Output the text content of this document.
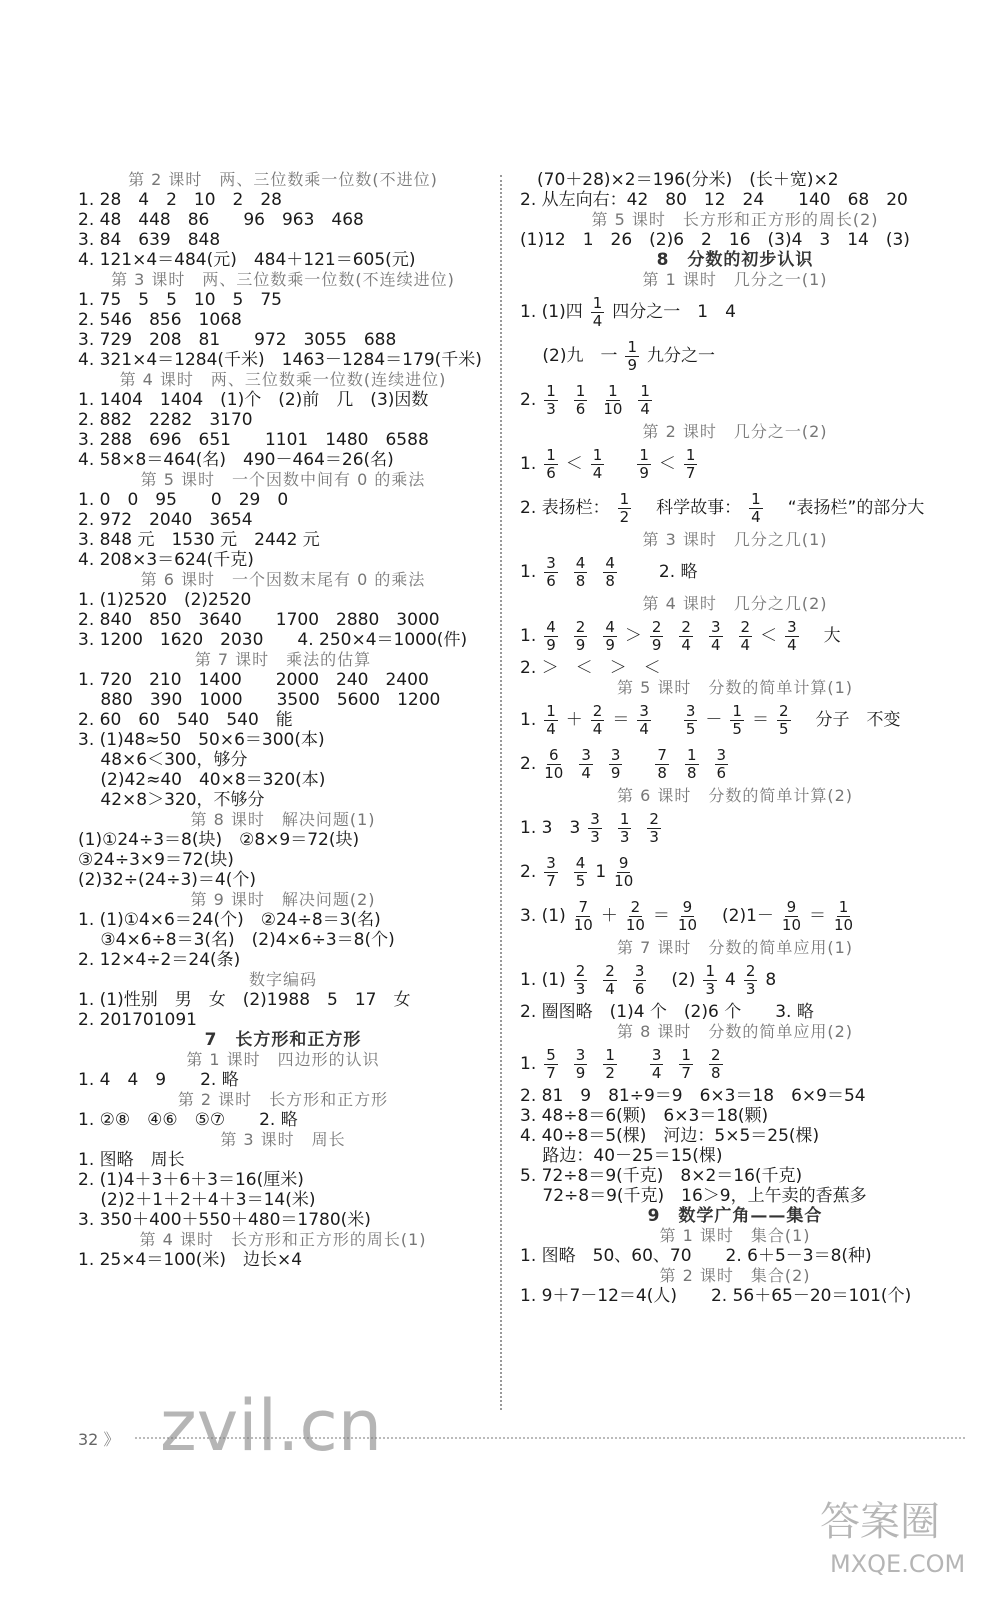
第 2 课时　两、三位数乘一位数(不进位)
1. 28　4　2　10　2　28
2. 48　448　86　　96　963　468
3. 84　639　848
4. 121×4＝484(元)　484＋121＝605(元)
第 3 课时　两、三位数乘一位数(不连续进位)
1. 75　5　5　10　5　75
2. 546　856　1068
3. 729　208　81　　972　3055　688
4. 321×4＝1284(千米)　1463－1284＝179(千米)
第 4 课时　两、三位数乘一位数(连续进位)
1. 1404　1404　(1)个　(2)前　几　(3)因数
2. 882　2282　3170
3. 288　696　651　　1101　1480　6588
4. 58×8＝464(名)　490－464＝26(名)
第 5 课时　一个因数中间有 0 的乘法
1. 0　0　95　　0　29　0
2. 972　2040　3654
3. 848 元　1530 元　2442 元
4. 208×3＝624(千克)
第 6 课时　一个因数末尾有 0 的乘法
1. (1)2520　(2)2520
2. 840　850　3640　　1700　2880　3000
3. 1200　1620　2030　　4. 250×4＝1000(件)
第 7 课时　乘法的估算
1. 720　210　1400　　2000　240　2400
　 880　390　1000　　3500　5600　1200
2. 60　60　540　540　能
3. (1)48≈50　50×6＝300(本)
　 48×6＜300，够分
　 (2)42≈40　40×8＝320(本)
　 42×8＞320，不够分
第 8 课时　解决问题(1)
(1)①24÷3＝8(块)　②8×9＝72(块)
③24÷3×9＝72(块)
(2)32÷(24÷3)＝4(个)
第 9 课时　解决问题(2)
1. (1)①4×6＝24(个)　②24÷8＝3(名)
　 ③4×6÷8＝3(名)　(2)4×6÷3＝8(个)
2. 12×4÷2＝24(条)
数字编码
1. (1)性别　男　女　(2)1988　5　17　女
2. 201701091
7　长方形和正方形
第 1 课时　四边形的认识
1. 4　4　9　　2. 略
第 2 课时　长方形和正方形
1. ②⑧　④⑥　⑤⑦　　2. 略
第 3 课时　周长
1. 图略　周长
2. (1)4＋3＋6＋3＝16(厘米)
　 (2)2＋1＋2＋4＋3＝14(米)
3. 350＋400＋550＋480＝1780(米)
第 4 课时　长方形和正方形的周长(1)
1. 25×4＝100(米)　边长×4
　(70＋28)×2＝196(分米)　(长＋宽)×2
2. 从左向右：42　80　12　24　　140　68　20
第 5 课时　长方形和正方形的周长(2)
(1)12　1　26　(2)6　2　16　(3)4　3　14　(3)
8　分数的初步认识
第 1 课时　几分之一(1)
1. (1)四 $\frac{1}{4}$ 四分之一　1　4
　 (2)九　一 $\frac{1}{9}$ 九分之一
2. $\frac{1}{3} \frac{1}{6} \frac{1}{10} \frac{1}{4}$
第 2 课时　几分之一(2)
1. $\frac{1}{6} < \frac{1}{4}$
　 $\frac{1}{9} < \frac{1}{7}$
2. 表扬栏： $\frac{1}{2}$ 　科学故事： $\frac{1}{4}$ 　“表扬栏”的部分大
第 3 课时　几分之几(1)
1. $\frac{3}{6} \frac{4}{8} \frac{4}{8}$ 　　2. 略
第 4 课时　几分之几(2)
1. $\frac{4}{9} \frac{2}{9} \frac{4}{9} > \frac{2}{9} \frac{2}{4} \frac{3}{4} \frac{2}{4} < \frac{3}{4}$ 　大
2. ＞　＜　＞　＜
第 5 课时　分数的简单计算(1)
1. $\frac{1}{4} + \frac{2}{4} = \frac{3}{4}$
　 $\frac{3}{5} - \frac{1}{5} = \frac{2}{5}$ 　分子　不变
2. $\frac{6}{10} \frac{3}{4} \frac{3}{9}$
　 $\frac{7}{8} \frac{1}{8} \frac{3}{6}$
第 6 课时　分数的简单计算(2)
1. 3　$3 \frac{3}{3} \frac{1}{3} \frac{2}{3}$
2. $\frac{3}{7} \frac{4}{5} 1 \frac{9}{10}$
3. $(1) \frac{7}{10} + \frac{2}{10} = \frac{9}{10}$ 　$(2)1- \frac{9}{10} = \frac{1}{10}$
第 7 课时　分数的简单应用(1)
1. $(1) \frac{2}{3} \frac{2}{4} \frac{3}{6}$ 　$(2) \frac{1}{3} 4 \frac{2}{3} 8$
2. 圈图略　(1)4 个　(2)6 个　　3. 略
第 8 课时　分数的简单应用(2)
1. $\frac{5}{7} \frac{3}{9} \frac{1}{2}$
　 $\frac{3}{4} \frac{1}{7} \frac{2}{8}$
2. 81　9　81÷9＝9　6×3＝18　6×9＝54
3. 48÷8＝6(颗)　6×3＝18(颗)
4. 40÷8＝5(棵)　河边：5×5＝25(棵)
　 路边：40－25＝15(棵)
5. 72÷8＝9(千克)　8×2＝16(千克)
　 72÷8＝9(千克)　16＞9，上午卖的香蕉多
9　数学广角——集合
第 1 课时　集合(1)
1. 图略　50、60、70　　2. 6＋5－3＝8(种)
第 2 课时　集合(2)
1. 9＋7－12＝4(人)　　2. 56＋65－20＝101(个)
32 》 zvil.cn
答案圈
MXQE.COM
